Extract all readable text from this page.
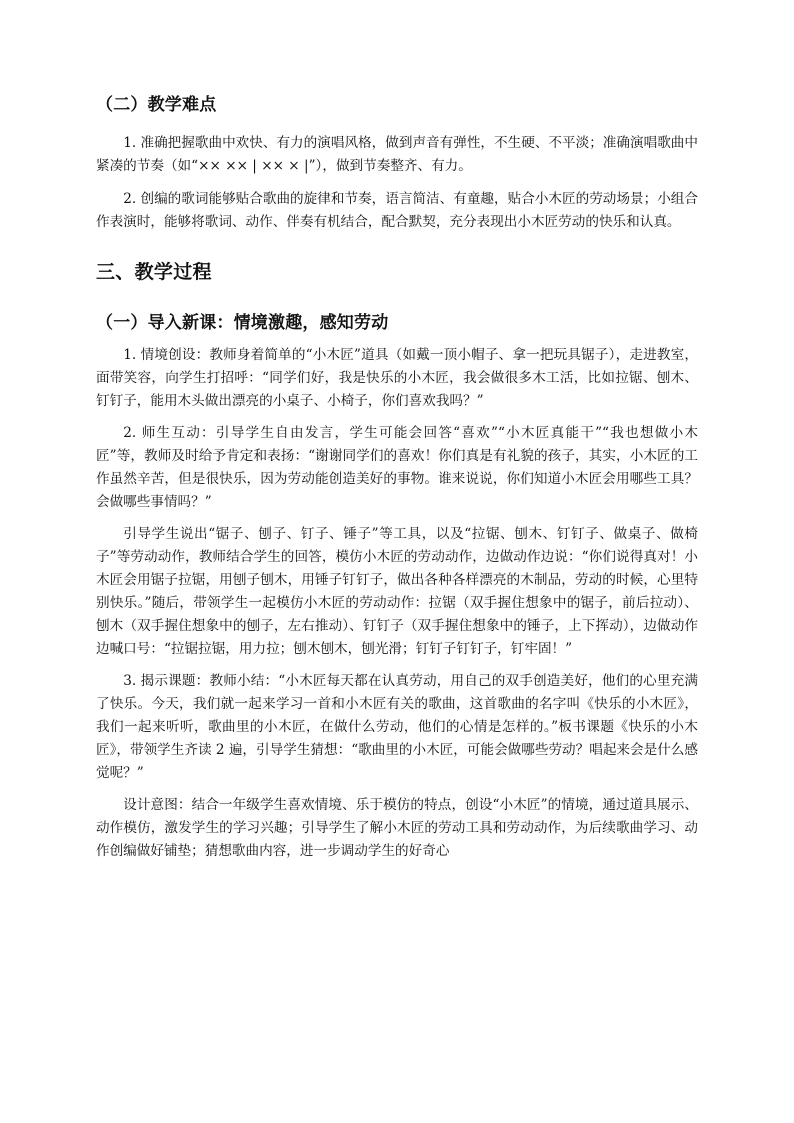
（二）教学难点

1. 准确把握歌曲中欢快、有力的演唱风格，做到声音有弹性，不生硬、不平淡；准确演唱歌曲中紧凑的节奏（如“×× ×× | ×× × |”），做到节奏整齐、有力。

2. 创编的歌词能够贴合歌曲的旋律和节奏，语言简洁、有童趣，贴合小木匠的劳动场景；小组合作表演时，能够将歌词、动作、伴奏有机结合，配合默契，充分表现出小木匠劳动的快乐和认真。

三、教学过程
（一）导入新课：情境激趣，感知劳动

1. 情境创设：教师身着简单的“小木匠”道具（如戴一顶小帽子、拿一把玩具锯子），走进教室，面带笑容，向学生打招呼：“同学们好，我是快乐的小木匠，我会做很多木工活，比如拉锯、刨木、钉钉子，能用木头做出漂亮的小桌子、小椅子，你们喜欢我吗？”

2. 师生互动：引导学生自由发言，学生可能会回答“喜欢”“小木匠真能干”“我也想做小木匠”等，教师及时给予肯定和表扬：“谢谢同学们的喜欢！你们真是有礼貌的孩子，其实，小木匠的工作虽然辛苦，但是很快乐，因为劳动能创造美好的事物。谁来说说，你们知道小木匠会用哪些工具？会做哪些事情吗？”

引导学生说出“锯子、刨子、钉子、锤子”等工具，以及“拉锯、刨木、钉钉子、做桌子、做椅子”等劳动动作，教师结合学生的回答，模仿小木匠的劳动动作，边做动作边说：“你们说得真对！小木匠会用锯子拉锯，用刨子刨木，用锤子钉钉子，做出各种各样漂亮的木制品，劳动的时候，心里特别快乐。”随后，带领学生一起模仿小木匠的劳动动作：拉锯（双手握住想象中的锯子，前后拉动）、刨木（双手握住想象中的刨子，左右推动）、钉钉子（双手握住想象中的锤子，上下挥动），边做动作边喊口号：“拉锯拉锯，用力拉；刨木刨木，刨光滑；钉钉子钉钉子，钉牢固！”

3. 揭示课题：教师小结：“小木匠每天都在认真劳动，用自己的双手创造美好，他们的心里充满了快乐。今天，我们就一起来学习一首和小木匠有关的歌曲，这首歌曲的名字叫《快乐的小木匠》，我们一起来听听，歌曲里的小木匠，在做什么劳动，他们的心情是怎样的。”板书课题《快乐的小木匠》，带领学生齐读 2 遍，引导学生猜想：“歌曲里的小木匠，可能会做哪些劳动？唱起来会是什么感觉呢？”

设计意图：结合一年级学生喜欢情境、乐于模仿的特点，创设“小木匠”的情境，通过道具展示、动作模仿，激发学生的学习兴趣；引导学生了解小木匠的劳动工具和劳动动作，为后续歌曲学习、动作创编做好铺垫；猜想歌曲内容，进一步调动学生的好奇心
